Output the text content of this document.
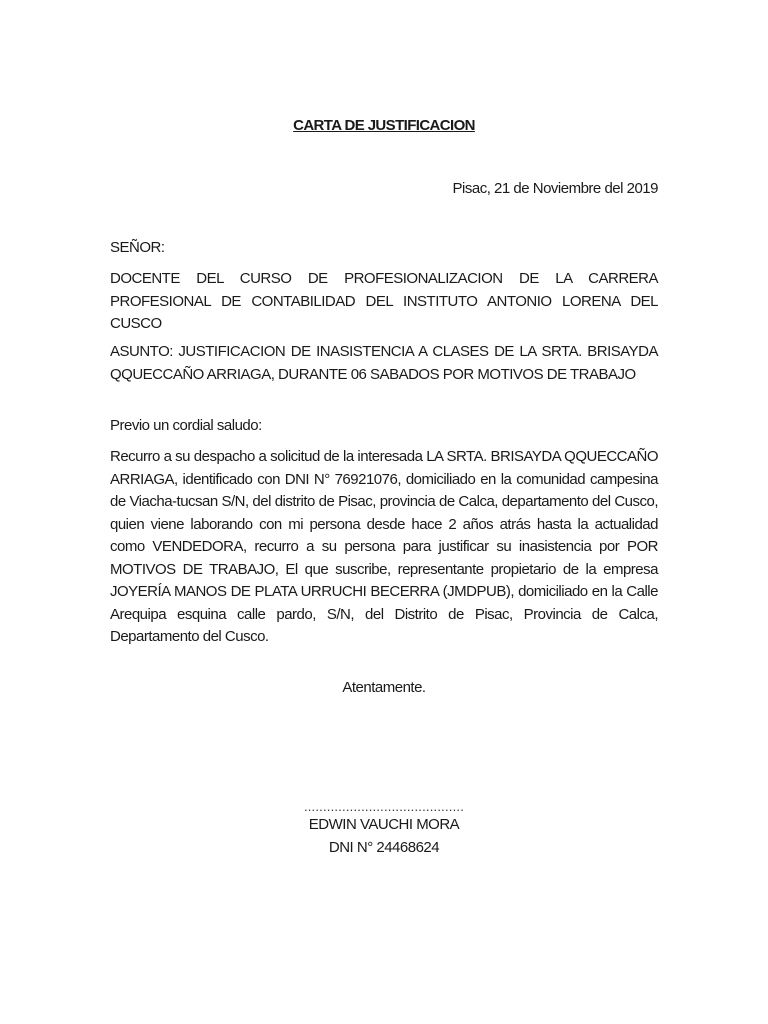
CARTA DE JUSTIFICACION
Pisac, 21 de Noviembre del 2019
SEÑOR:
DOCENTE DEL CURSO DE PROFESIONALIZACION DE LA CARRERA PROFESIONAL DE CONTABILIDAD DEL INSTITUTO ANTONIO LORENA DEL CUSCO
ASUNTO: JUSTIFICACION DE INASISTENCIA A CLASES DE LA SRTA. BRISAYDA QQUECCAÑO ARRIAGA, DURANTE 06 SABADOS POR MOTIVOS DE TRABAJO
Previo un cordial saludo:
Recurro a su despacho a solicitud de la interesada LA SRTA. BRISAYDA QQUECCAÑO ARRIAGA, identificado con DNI N° 76921076, domiciliado en la comunidad campesina de Viacha-tucsan S/N, del distrito de Pisac, provincia de Calca, departamento del Cusco, quien viene laborando con mi persona desde hace 2 años atrás hasta la actualidad como VENDEDORA, recurro a su persona para justificar su inasistencia por POR MOTIVOS DE TRABAJO, El que suscribe, representante propietario de la empresa JOYERÍA MANOS DE PLATA URRUCHI BECERRA (JMDPUB), domiciliado en la Calle Arequipa esquina calle pardo, S/N, del Distrito de Pisac, Provincia de Calca, Departamento del Cusco.
Atentamente.
..........................................
EDWIN VAUCHI MORA
DNI N° 24468624
